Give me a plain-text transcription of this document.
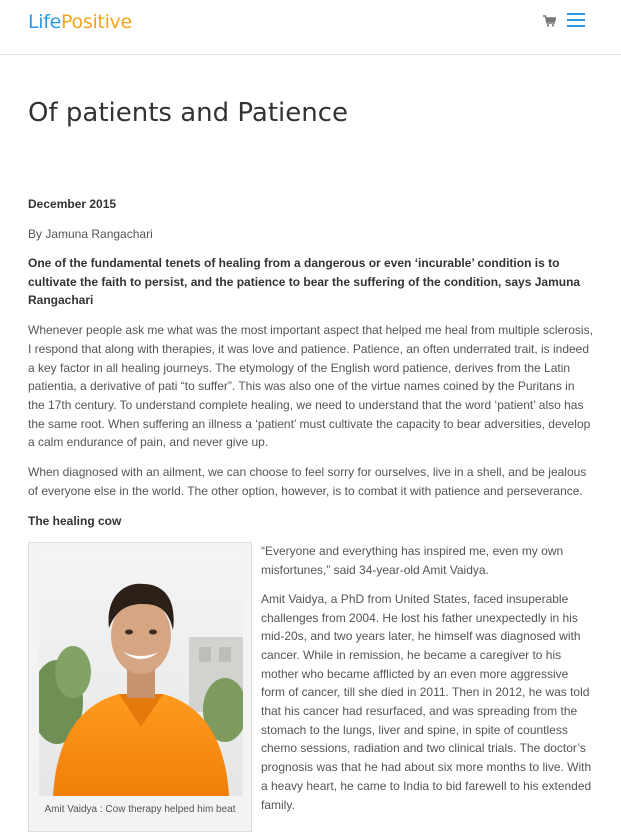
LifePositive
Of patients and Patience
December 2015
By Jamuna Rangachari
One of the fundamental tenets of healing from a dangerous or even ‘incurable’ condition is to cultivate the faith to persist, and the patience to bear the suffering of the condition, says Jamuna Rangachari

Whenever people ask me what was the most important aspect that helped me heal from multiple sclerosis, I respond that along with therapies, it was love and patience. Patience, an often underrated trait, is indeed a key factor in all healing journeys. The etymology of the English word patience, derives from the Latin patientia, a derivative of pati “to suffer”. This was also one of the virtue names coined by the Puritans in the 17th century. To understand complete healing, we need to understand that the word ‘patient’ also has the same root. When suffering an illness a ‘patient’ must cultivate the capacity to bear adversities, develop a calm endurance of pain, and never give up.

When diagnosed with an ailment, we can choose to feel sorry for ourselves, live in a shell, and be jealous of everyone else in the world. The other option, however, is to combat it with patience and perseverance.

The healing cow
Amit Vaidya : Cow therapy helped him beat

“Everyone and everything has inspired me, even my own misfortunes,” said 34-year-old Amit Vaidya.

Amit Vaidya, a PhD from United States, faced insuperable challenges from 2004. He lost his father unexpectedly in his mid-20s, and two years later, he himself was diagnosed with cancer. While in remission, he became a caregiver to his mother who became afflicted by an even more aggressive form of cancer, till she died in 2011. Then in 2012, he was told that his cancer had resurfaced, and was spreading from the stomach to the lungs, liver and spine, in spite of countless chemo sessions, radiation and two clinical trials. The doctor’s prognosis was that he had about six more months to live. With a heavy heart, he came to India to bid farewell to his extended family.
